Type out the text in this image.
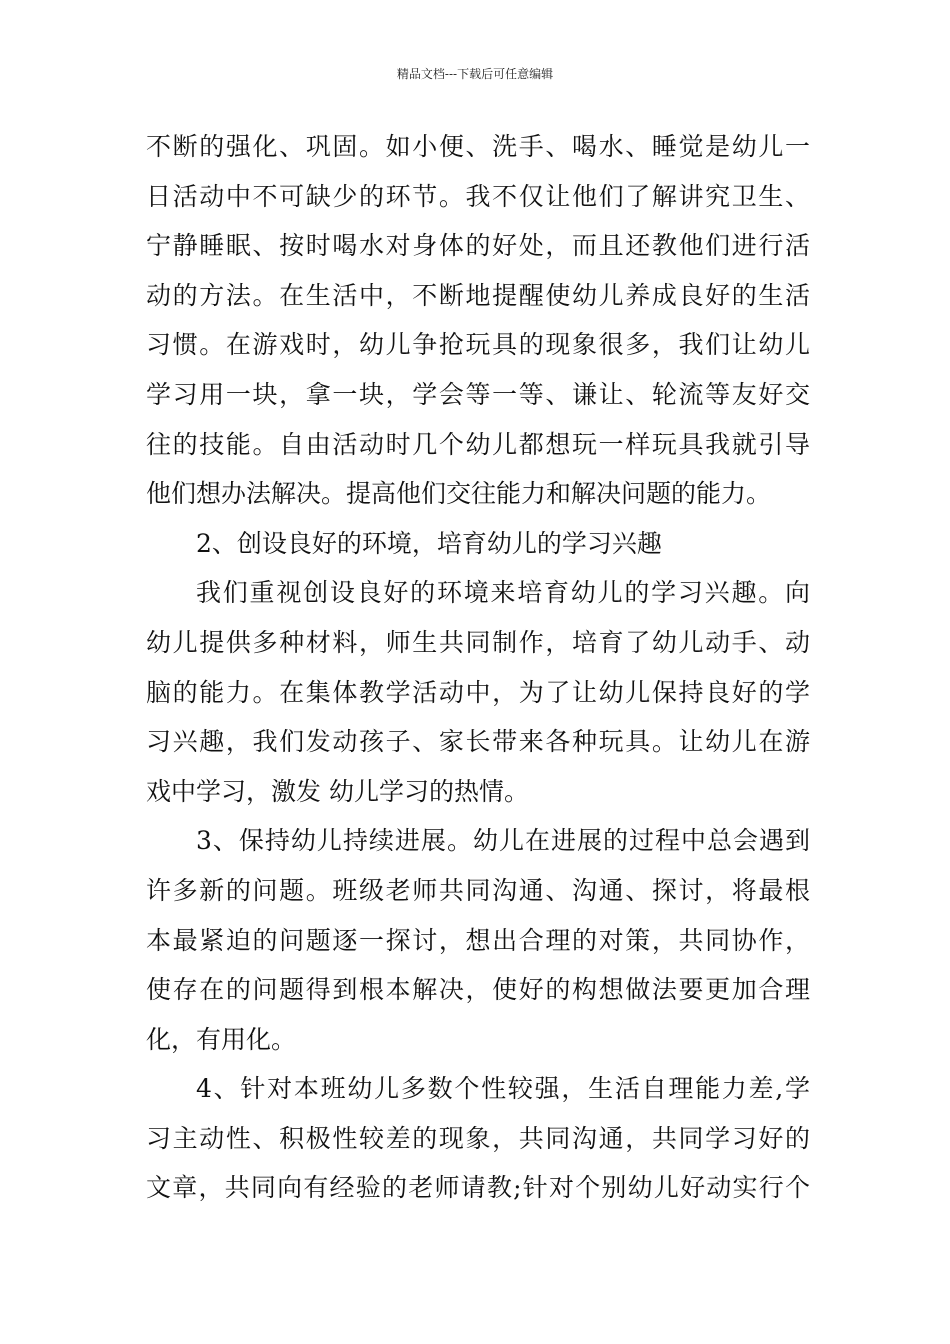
精品文档---下载后可任意编辑
不断的强化、巩固。如小便、洗手、喝水、睡觉是幼儿一
日活动中不可缺少的环节。我不仅让他们了解讲究卫生、
宁静睡眠、按时喝水对身体的好处，而且还教他们进行活
动的方法。在生活中，不断地提醒使幼儿养成良好的生活
习惯。在游戏时，幼儿争抢玩具的现象很多，我们让幼儿
学习用一块，拿一块，学会等一等、谦让、轮流等友好交
往的技能。自由活动时几个幼儿都想玩一样玩具我就引导
他们想办法解决。提高他们交往能力和解决问题的能力。
2、创设良好的环境，培育幼儿的学习兴趣
我们重视创设良好的环境来培育幼儿的学习兴趣。向
幼儿提供多种材料，师生共同制作，培育了幼儿动手、动
脑的能力。在集体教学活动中，为了让幼儿保持良好的学
习兴趣，我们发动孩子、家长带来各种玩具。让幼儿在游
戏中学习，激发 幼儿学习的热情。
3、保持幼儿持续进展。幼儿在进展的过程中总会遇到
许多新的问题。班级老师共同沟通、沟通、探讨，将最根
本最紧迫的问题逐一探讨，想出合理的对策，共同协作，
使存在的问题得到根本解决，使好的构想做法要更加合理
化，有用化。
4、针对本班幼儿多数个性较强，生活自理能力差,学
习主动性、积极性较差的现象，共同沟通，共同学习好的
文章，共同向有经验的老师请教;针对个别幼儿好动实行个
